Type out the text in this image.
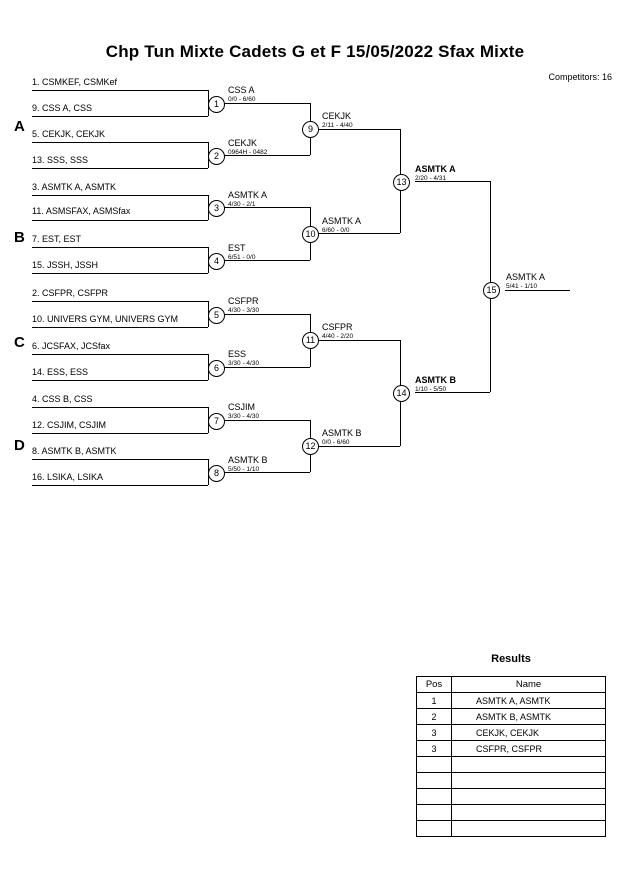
Chp Tun Mixte Cadets G et F 15/05/2022 Sfax Mixte
Competitors: 16
A
B
C
D
1. CSMKEF, CSMKef
9. CSS A, CSS
5. CEKJK, CEKJK
13. SSS, SSS
3. ASMTK A, ASMTK
11. ASMSFAX, ASMSfax
7. EST, EST
15. JSSH, JSSH
2. CSFPR, CSFPR
10. UNIVERS GYM, UNIVERS GYM
6. JCSFAX, JCSfax
14. ESS, ESS
4. CSS B, CSS
12. CSJIM, CSJIM
8. ASMTK B, ASMTK
16. LSIKA, LSIKA
1
2
3
4
5
6
7
8
9
10
11
12
13
14
15
CSS A
0/0 - 6/60
CEKJK
0964H - 0482
ASMTK A
4/30 - 2/1
EST
6/51 - 0/0
CSFPR
4/30 - 3/30
ESS
3/30 - 4/30
CSJIM
3/30 - 4/30
ASMTK B
5/50 - 1/10
CEKJK
2/11 - 4/40
ASMTK A
6/60 - 0/0
CSFPR
4/40 - 2/20
ASMTK B
0/0 - 6/60
ASMTK A
2/20 - 4/31
ASMTK B
1/10 - 5/50
ASMTK A
5/41 - 1/10
Results
Pos	Name
1	ASMTK A, ASMTK
2	ASMTK B, ASMTK
3	CEKJK, CEKJK
3	CSFPR, CSFPR
